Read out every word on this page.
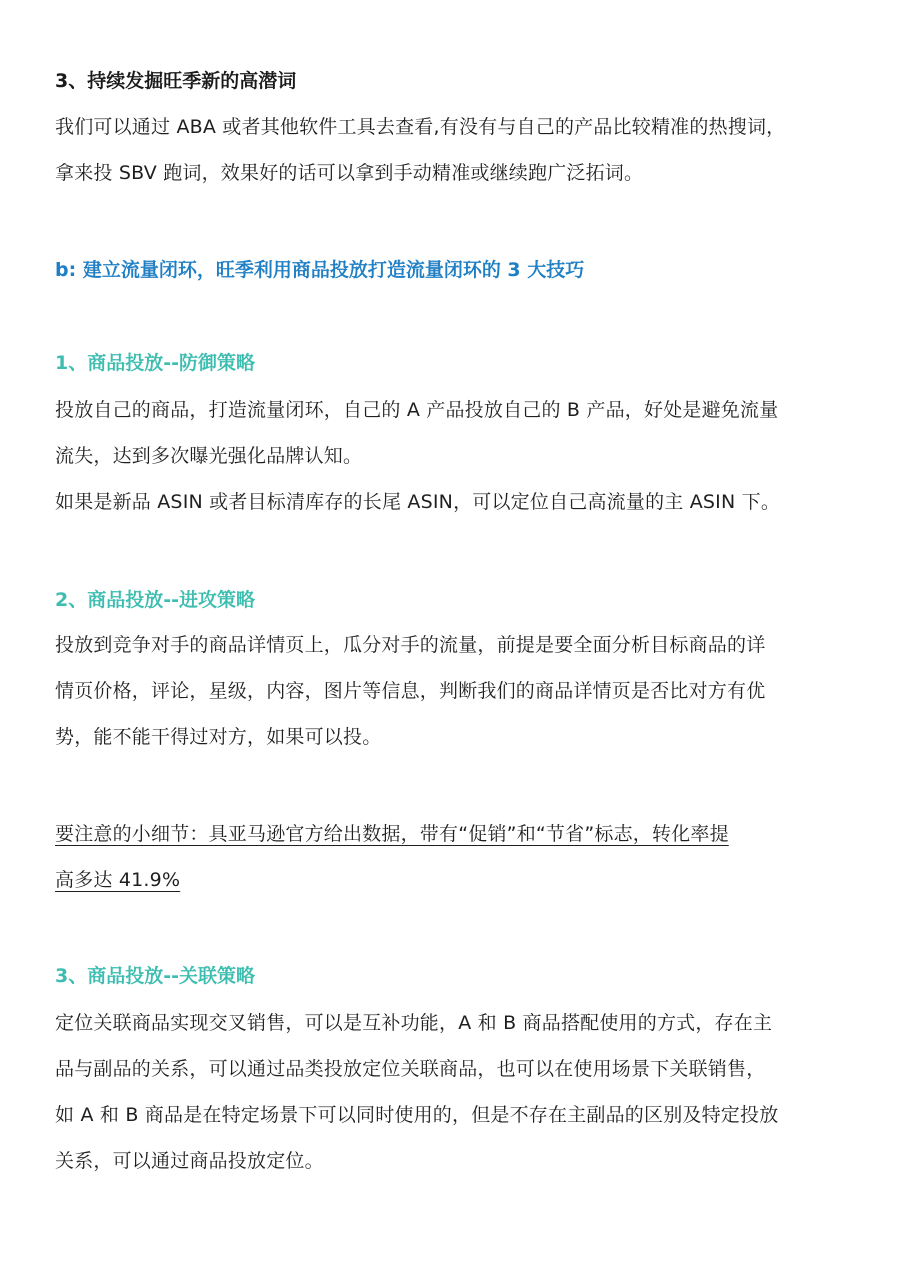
3、持续发掘旺季新的高潜词
我们可以通过 ABA 或者其他软件工具去查看,有没有与自己的产品比较精准的热搜词，
拿来投 SBV 跑词，效果好的话可以拿到手动精准或继续跑广泛拓词。
b: 建立流量闭环，旺季利用商品投放打造流量闭环的 3 大技巧
1、商品投放--防御策略
投放自己的商品，打造流量闭环，自己的 A 产品投放自己的 B 产品，好处是避免流量
流失，达到多次曝光强化品牌认知。
如果是新品 ASIN 或者目标清库存的长尾 ASIN，可以定位自己高流量的主 ASIN 下。
2、商品投放--进攻策略
投放到竞争对手的商品详情页上，瓜分对手的流量，前提是要全面分析目标商品的详
情页价格，评论，星级，内容，图片等信息，判断我们的商品详情页是否比对方有优
势，能不能干得过对方，如果可以投。
要注意的小细节：具亚马逊官方给出数据，带有“促销”和“节省”标志，转化率提
高多达 41.9%
3、商品投放--关联策略
定位关联商品实现交叉销售，可以是互补功能，A 和 B 商品搭配使用的方式，存在主
品与副品的关系，可以通过品类投放定位关联商品，也可以在使用场景下关联销售，
如 A 和 B 商品是在特定场景下可以同时使用的，但是不存在主副品的区别及特定投放
关系，可以通过商品投放定位。
